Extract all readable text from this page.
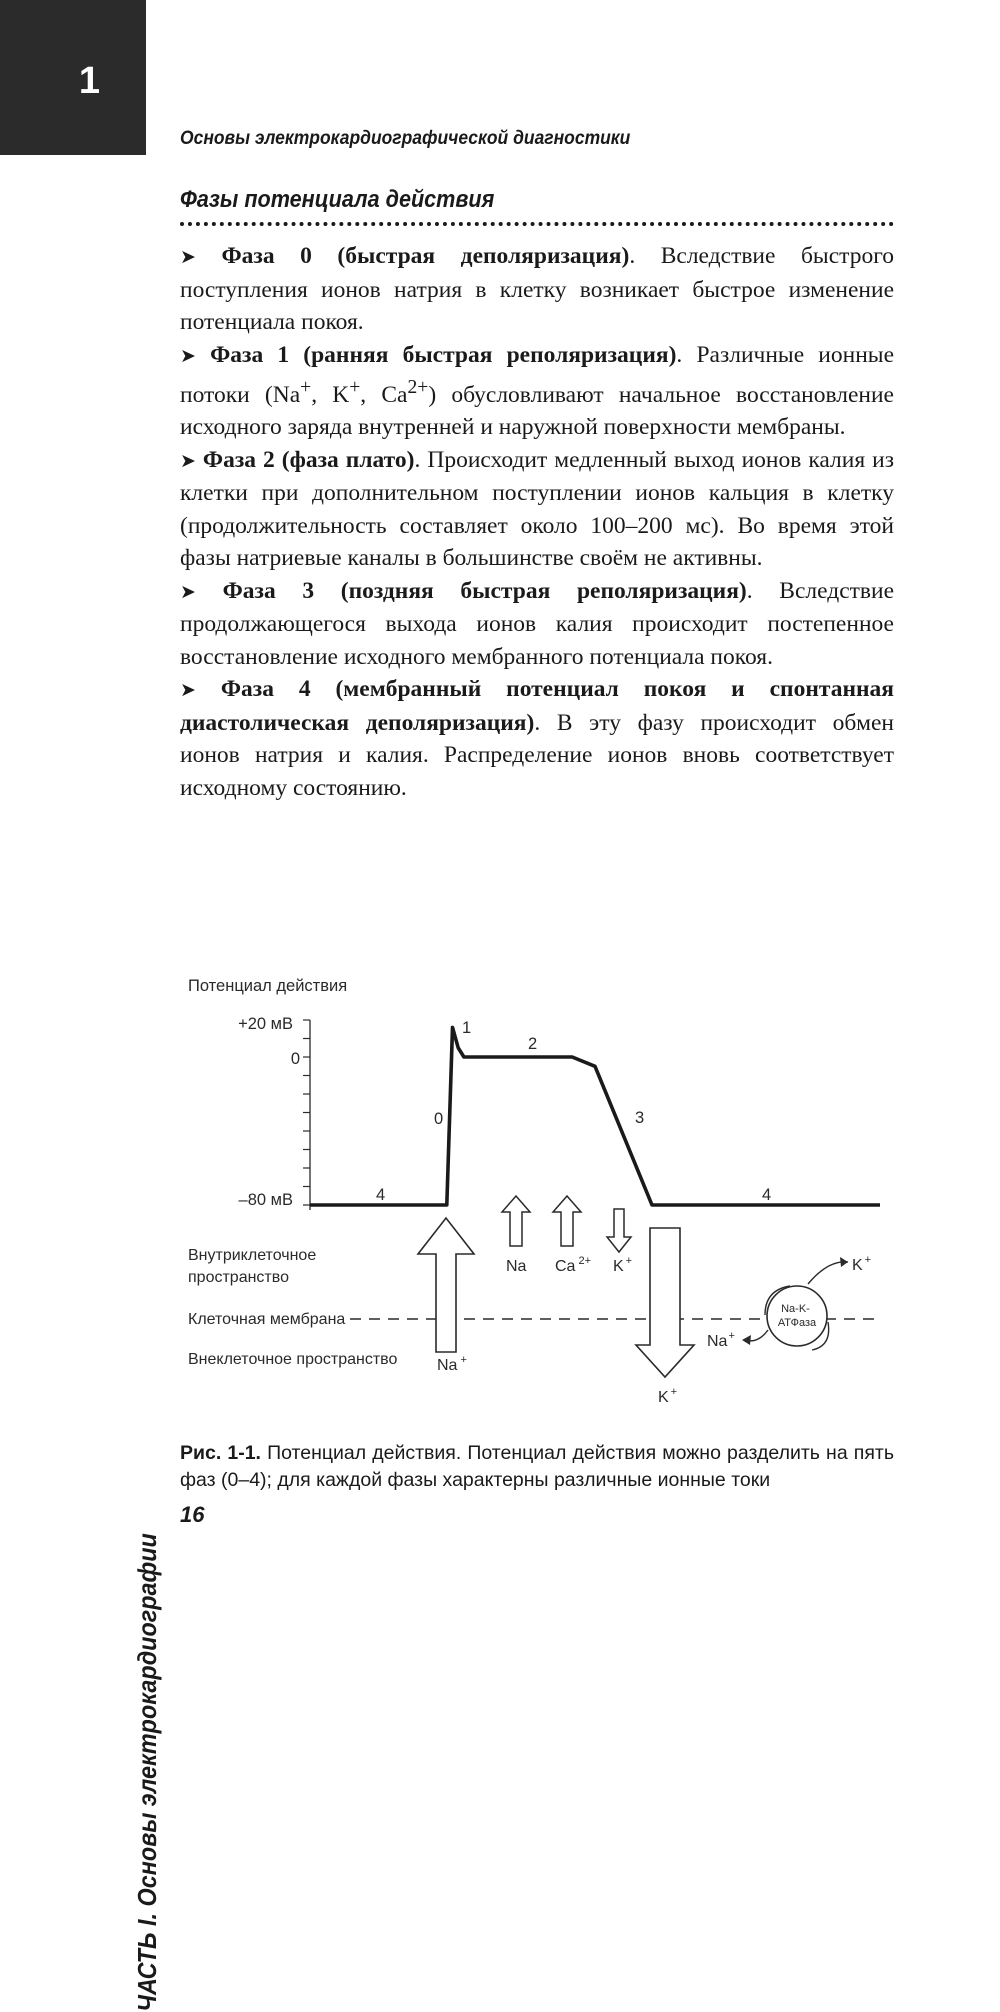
1
Основы электрокардиографической диагностики
Фазы потенциала действия

➤ Фаза 0 (быстрая деполяризация). Вследствие быстрого поступления ионов натрия в клетку возникает быстрое изменение потенциала покоя.

➤ Фаза 1 (ранняя быстрая реполяризация). Различные ионные потоки (Na+, K+, $Ca^{2+}$) обусловливают начальное восстановление исходного заряда внутренней и наружной поверхности мембраны.

➤ Фаза 2 (фаза плато). Происходит медленный выход ионов калия из клетки при дополнительном поступлении ионов кальция в клетку (продолжительность составляет около 100–200 мс). Во время этой фазы натриевые каналы в большинстве своём не активны.

➤ Фаза 3 (поздняя быстрая реполяризация). Вследствие продолжающегося выхода ионов калия происходит постепенное восстановление исходного мембранного потенциала покоя.

➤ Фаза 4 (мембранный потенциал покоя и спонтанная диастолическая деполяризация). В эту фазу происходит обмен ионов натрия и калия. Распределение ионов вновь соответствует исходному состоянию.

ЧАСТЬ I. Основы электрокардиографии
Потенциал действия
+20 мВ
0
–80 мВ
0
1
2
3
4	4
Внутриклеточное пространство
Клеточная мембрана
Внеклеточное пространство Na +
Na Ca $^{2+}$ K +
K +
Na-K- АТФаза
K +
Na+
Рис. 1-1. Потенциал действия. Потенциал действия можно разделить на пять фаз (0–4); для каждой фазы характерны различные ионные токи
16
